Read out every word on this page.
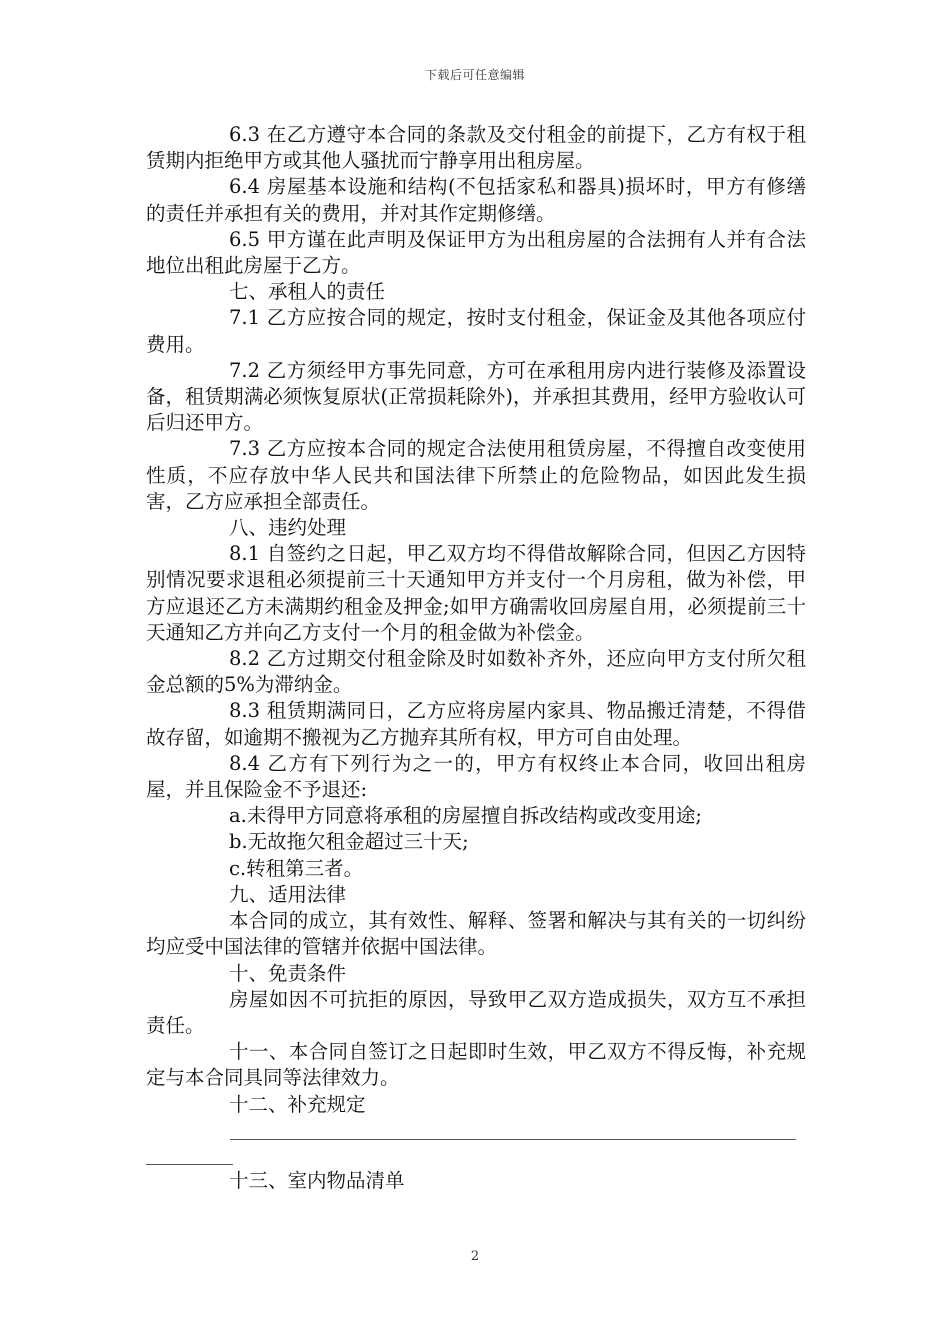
下载后可任意编辑

6.3 在乙方遵守本合同的条款及交付租金的前提下，乙方有权于租赁期内拒绝甲方或其他人骚扰而宁静享用出租房屋。

6.4 房屋基本设施和结构(不包括家私和器具)损坏时，甲方有修缮的责任并承担有关的费用，并对其作定期修缮。

6.5 甲方谨在此声明及保证甲方为出租房屋的合法拥有人并有合法地位出租此房屋于乙方。

七、承租人的责任

7.1 乙方应按合同的规定，按时支付租金，保证金及其他各项应付费用。

7.2 乙方须经甲方事先同意，方可在承租用房内进行装修及添置设备，租赁期满必须恢复原状(正常损耗除外)，并承担其费用，经甲方验收认可后归还甲方。

7.3 乙方应按本合同的规定合法使用租赁房屋，不得擅自改变使用性质，不应存放中华人民共和国法律下所禁止的危险物品，如因此发生损害，乙方应承担全部责任。

八、违约处理

8.1 自签约之日起，甲乙双方均不得借故解除合同，但因乙方因特别情况要求退租必须提前三十天通知甲方并支付一个月房租，做为补偿，甲方应退还乙方未满期约租金及押金;如甲方确需收回房屋自用，必须提前三十天通知乙方并向乙方支付一个月的租金做为补偿金。

8.2 乙方过期交付租金除及时如数补齐外，还应向甲方支付所欠租金总额的5%为滞纳金。

8.3 租赁期满同日，乙方应将房屋内家具、物品搬迁清楚，不得借故存留，如逾期不搬视为乙方抛弃其所有权，甲方可自由处理。

8.4 乙方有下列行为之一的，甲方有权终止本合同，收回出租房屋，并且保险金不予退还:

a.未得甲方同意将承租的房屋擅自拆改结构或改变用途;

b.无故拖欠租金超过三十天;

c.转租第三者。

九、适用法律

本合同的成立，其有效性、解释、签署和解决与其有关的一切纠纷均应受中国法律的管辖并依据中国法律。

十、免责条件

房屋如因不可抗拒的原因，导致甲乙双方造成损失，双方互不承担责任。

十一、本合同自签订之日起即时生效，甲乙双方不得反悔，补充规定与本合同具同等法律效力。

十二、补充规定

十三、室内物品清单
2
